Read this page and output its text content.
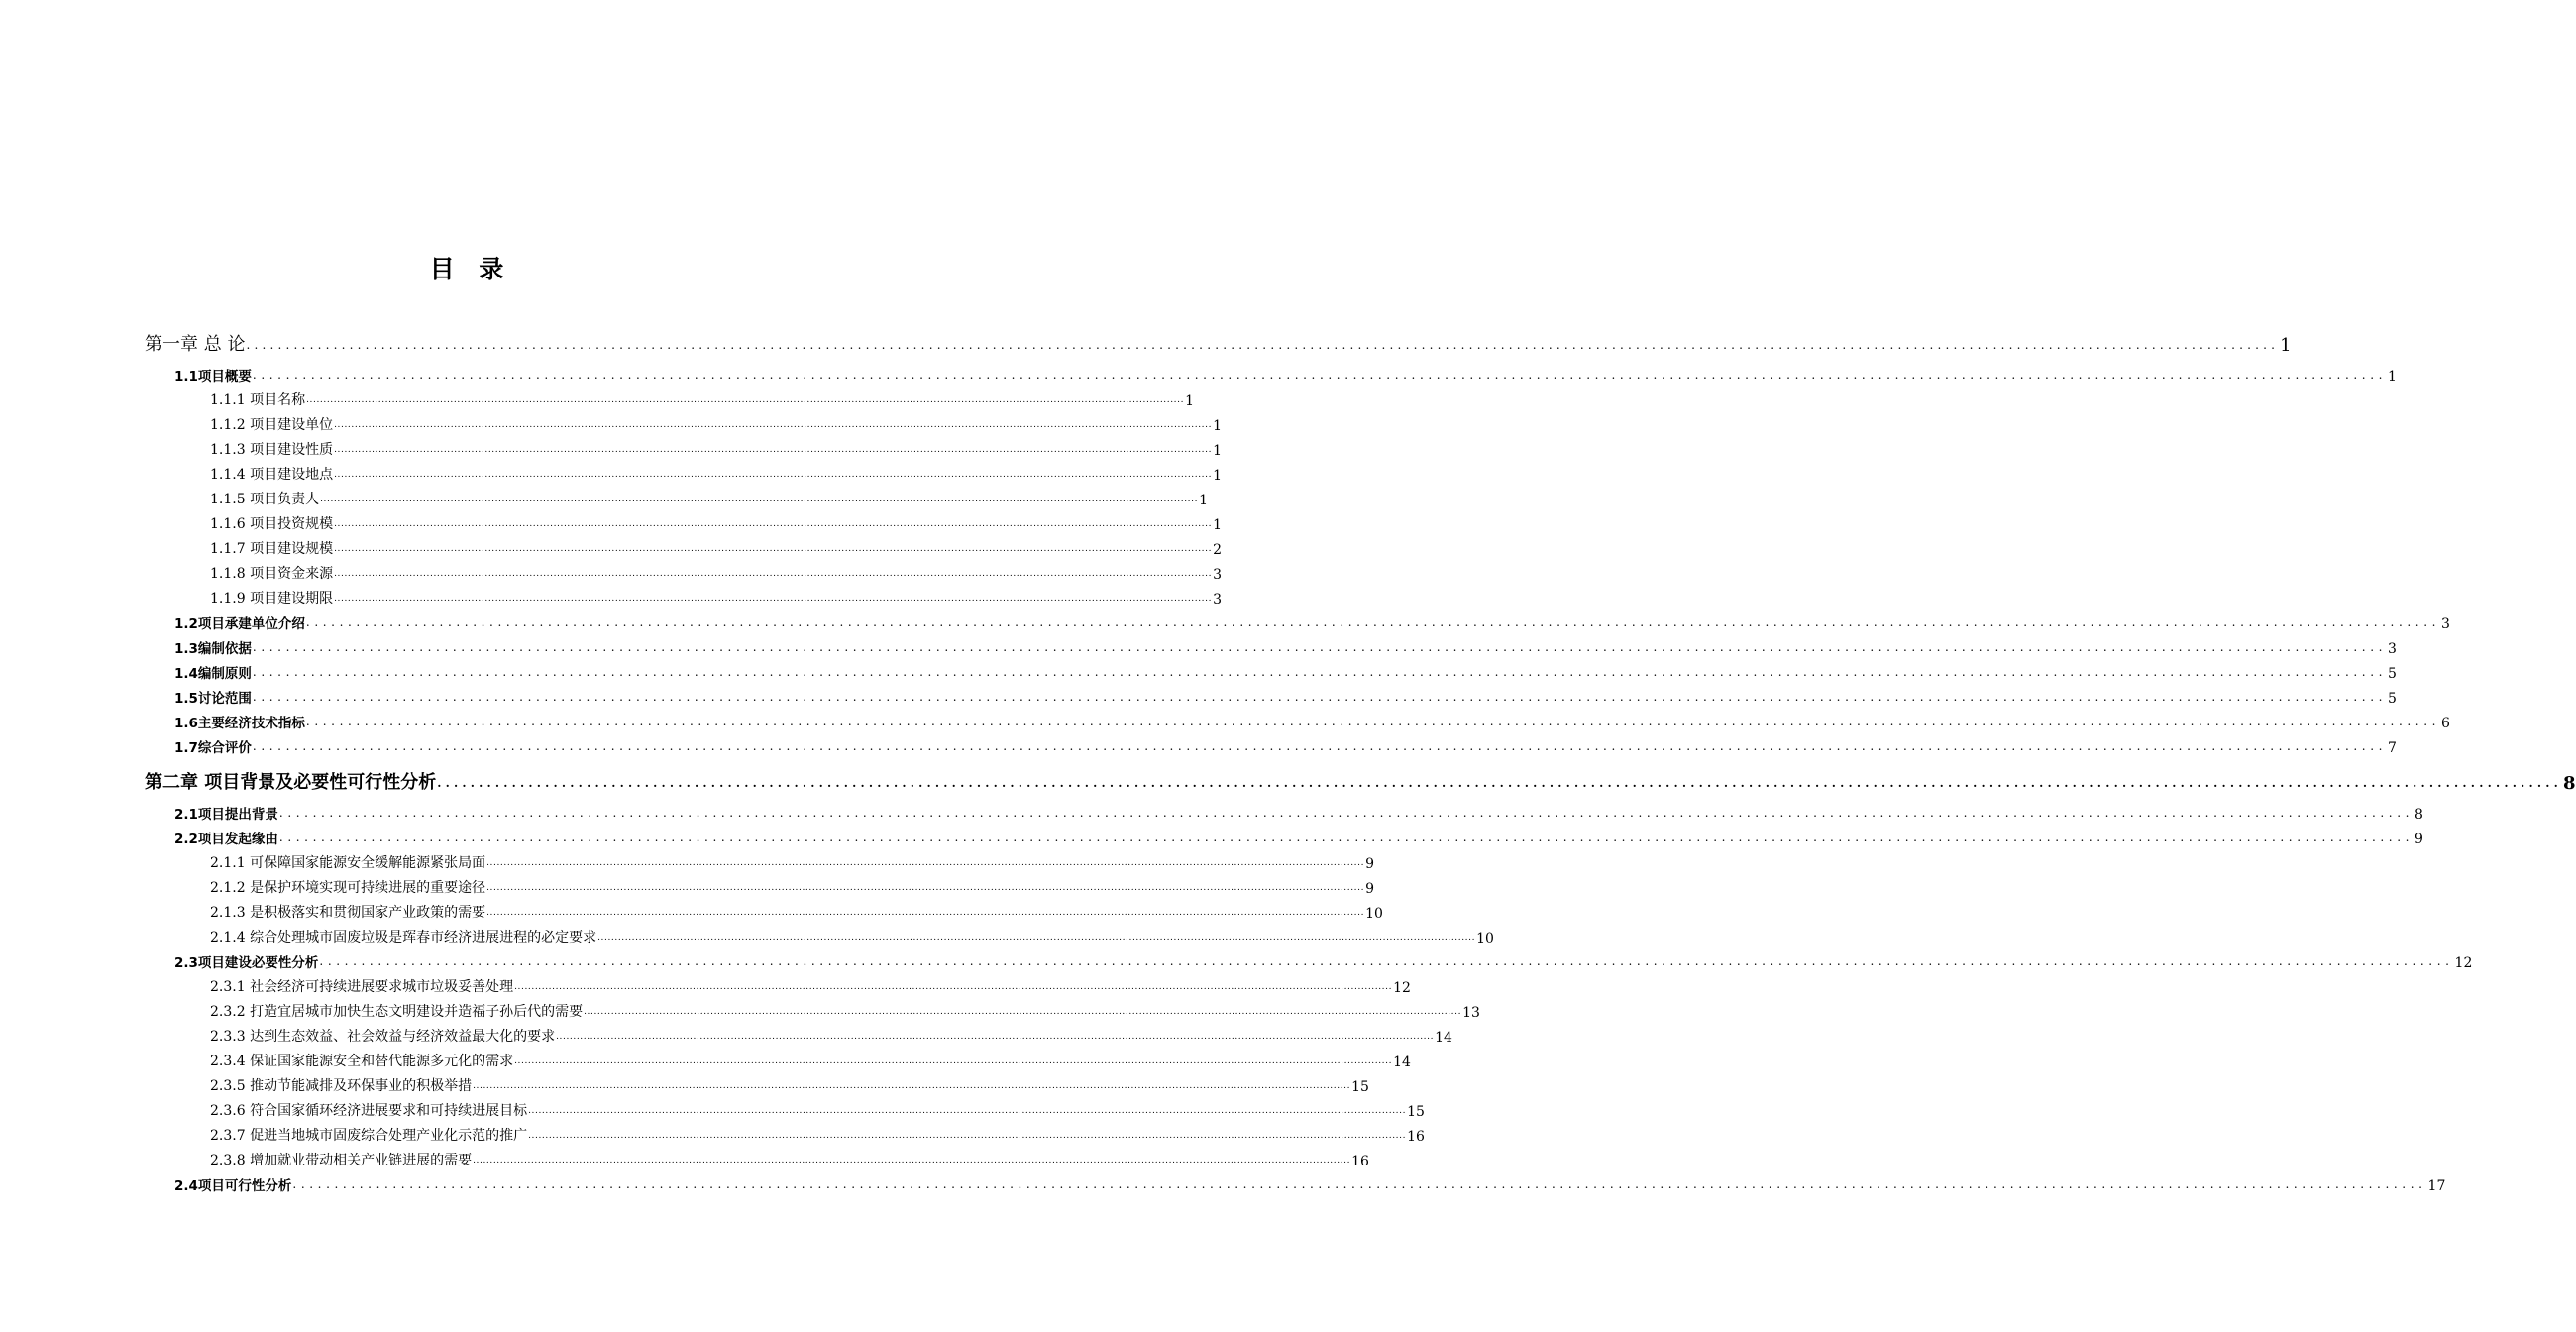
目 录
第一章 总 论 ................................................................................................................................................................................................................................................................ 1
1.1项目概要 ................................................................................................................................................................................................................................................................ 1
1.1.1 项目名称 ................................................................................................................................................................................................................................................................ 1
1.1.2 项目建设单位 ................................................................................................................................................................................................................................................................ 1
1.1.3 项目建设性质 ................................................................................................................................................................................................................................................................ 1
1.1.4 项目建设地点 ................................................................................................................................................................................................................................................................ 1
1.1.5 项目负责人 ................................................................................................................................................................................................................................................................ 1
1.1.6 项目投资规模 ................................................................................................................................................................................................................................................................ 1
1.1.7 项目建设规模 ................................................................................................................................................................................................................................................................ 2
1.1.8 项目资金来源 ................................................................................................................................................................................................................................................................ 3
1.1.9 项目建设期限 ................................................................................................................................................................................................................................................................ 3
1.2项目承建单位介绍 ................................................................................................................................................................................................................................................................ 3
1.3编制依据 ................................................................................................................................................................................................................................................................ 3
1.4编制原则 ................................................................................................................................................................................................................................................................ 5
1.5讨论范围 ................................................................................................................................................................................................................................................................ 5
1.6主要经济技术指标 ................................................................................................................................................................................................................................................................ 6
1.7综合评价 ................................................................................................................................................................................................................................................................ 7
第二章 项目背景及必要性可行性分析 ................................................................................................................................................................................................................................................................ 8
2.1项目提出背景 ................................................................................................................................................................................................................................................................ 8
2.2项目发起缘由 ................................................................................................................................................................................................................................................................ 9
2.1.1 可保障国家能源安全缓解能源紧张局面 ................................................................................................................................................................................................................................................................ 9
2.1.2 是保护环境实现可持续进展的重要途径 ................................................................................................................................................................................................................................................................ 9
2.1.3 是积极落实和贯彻国家产业政策的需要 ................................................................................................................................................................................................................................................................ 10
2.1.4 综合处理城市固废垃圾是珲春市经济进展进程的必定要求 ................................................................................................................................................................................................................................................................ 10
2.3项目建设必要性分析 ................................................................................................................................................................................................................................................................ 12
2.3.1 社会经济可持续进展要求城市垃圾妥善处理 ................................................................................................................................................................................................................................................................ 12
2.3.2 打造宜居城市加快生态文明建设并造福子孙后代的需要 ................................................................................................................................................................................................................................................................ 13
2.3.3 达到生态效益、社会效益与经济效益最大化的要求 ................................................................................................................................................................................................................................................................ 14
2.3.4 保证国家能源安全和替代能源多元化的需求 ................................................................................................................................................................................................................................................................ 14
2.3.5 推动节能减排及环保事业的积极举措 ................................................................................................................................................................................................................................................................ 15
2.3.6 符合国家循环经济进展要求和可持续进展目标 ................................................................................................................................................................................................................................................................ 15
2.3.7 促进当地城市固废综合处理产业化示范的推广 ................................................................................................................................................................................................................................................................ 16
2.3.8 增加就业带动相关产业链进展的需要 ................................................................................................................................................................................................................................................................ 16
2.4项目可行性分析 ................................................................................................................................................................................................................................................................ 17
